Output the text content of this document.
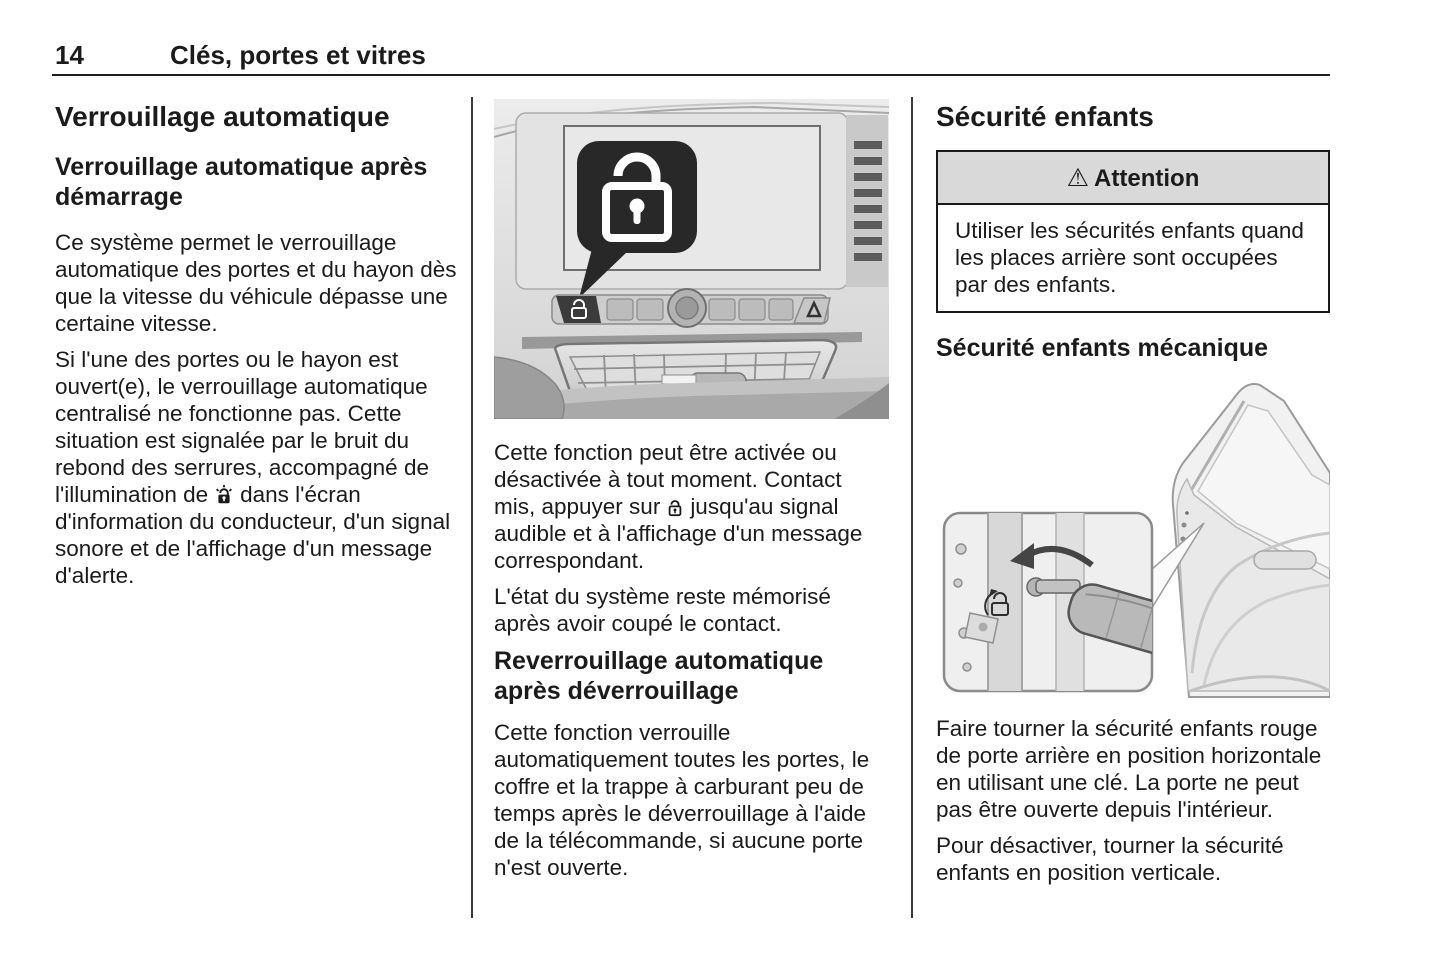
14	Clés, portes et vitres
Verrouillage automatique
Verrouillage automatique après démarrage

Ce système permet le verrouillage automatique des portes et du hayon dès que la vitesse du véhicule dépasse une certaine vitesse.

Si l'une des portes ou le hayon est ouvert(e), le verrouillage automatique centralisé ne fonctionne pas. Cette situation est signalée par le bruit du rebond des serrures, accompagné de l'illumination de dans l'écran d'information du conducteur, d'un signal sonore et de l'affichage d'un message d'alerte.

Cette fonction peut être activée ou désactivée à tout moment. Contact mis, appuyer sur jusqu'au signal audible et à l'affichage d'un message correspondant.

L'état du système reste mémorisé après avoir coupé le contact.

Reverrouillage automatique après déverrouillage

Cette fonction verrouille automatiquement toutes les portes, le coffre et la trappe à carburant peu de temps après le déverrouillage à l'aide de la télécommande, si aucune porte n'est ouverte.

Sécurité enfants
⚠ Attention

Utiliser les sécurités enfants quand les places arrière sont occupées par des enfants.

Sécurité enfants mécanique

Faire tourner la sécurité enfants rouge de porte arrière en position horizontale en utilisant une clé. La porte ne peut pas être ouverte depuis l'intérieur.

Pour désactiver, tourner la sécurité enfants en position verticale.
